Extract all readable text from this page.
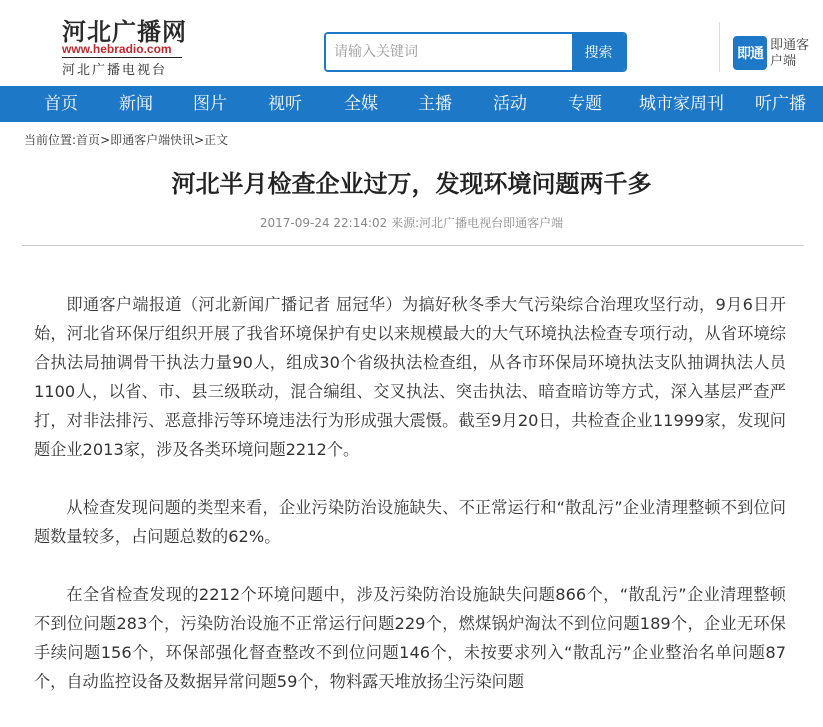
河北广播网
www.hebradio.com
河北广播电视台
请输入关键词
搜索	即通
即通客户端
首页 新闻 图片 视听 全媒 主播 活动 专题 城市家周刊 听广播
当前位置:首页>即通客户端快讯>正文
河北半月检查企业过万，发现环境问题两千多
2017-09-24 22:14:02 来源:河北广播电视台即通客户端

即通客户端报道（河北新闻广播记者 屈冠华）为搞好秋冬季大气污染综合治理攻坚行动，9月6日开始，河北省环保厅组织开展了我省环境保护有史以来规模最大的大气环境执法检查专项行动，从省环境综合执法局抽调骨干执法力量90人，组成30个省级执法检查组，从各市环保局环境执法支队抽调执法人员1100人，以省、市、县三级联动，混合编组、交叉执法、突击执法、暗查暗访等方式，深入基层严查严打，对非法排污、恶意排污等环境违法行为形成强大震慑。截至9月20日，共检查企业11999家，发现问题企业2013家，涉及各类环境问题2212个。

从检查发现问题的类型来看，企业污染防治设施缺失、不正常运行和“散乱污”企业清理整顿不到位问题数量较多，占问题总数的62%。

在全省检查发现的2212个环境问题中，涉及污染防治设施缺失问题866个，“散乱污”企业清理整顿不到位问题283个，污染防治设施不正常运行问题229个，燃煤锅炉淘汰不到位问题189个，企业无环保手续问题156个，环保部强化督查整改不到位问题146个，未按要求列入“散乱污”企业整治名单问题87个，自动监控设备及数据异常问题59个，物料露天堆放扬尘污染问题
